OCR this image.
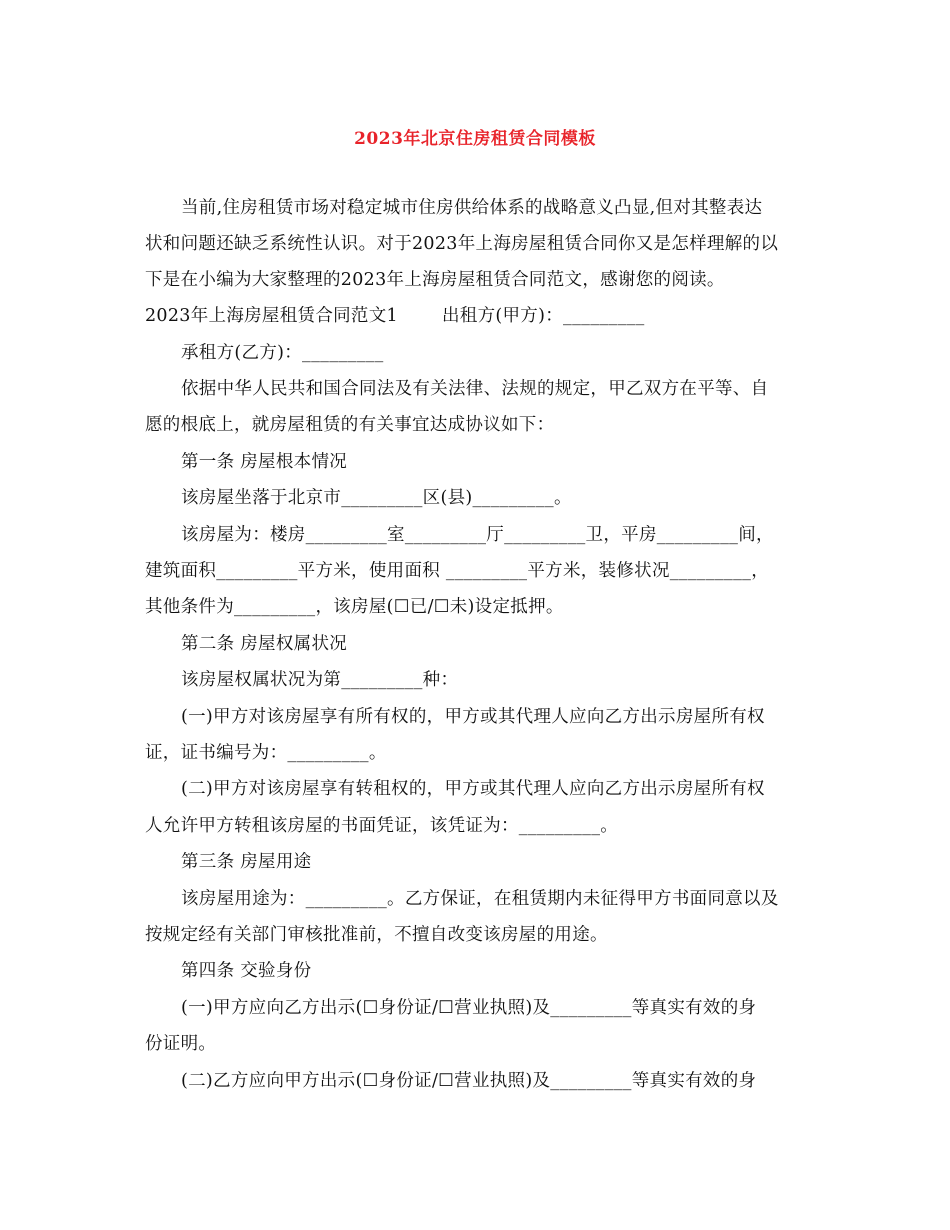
2023年北京住房租赁合同模板
当前,住房租赁市场对稳定城市住房供给体系的战略意义凸显,但对其整表达
状和问题还缺乏系统性认识。对于2023年上海房屋租赁合同你又是怎样理解的以
下是在小编为大家整理的2023年上海房屋租赁合同范文，感谢您的阅读。
2023年上海房屋租赁合同范文1	出租方(甲方)：_________
承租方(乙方)：_________
依据中华人民共和国合同法及有关法律、法规的规定，甲乙双方在平等、自
愿的根底上，就房屋租赁的有关事宜达成协议如下：
第一条 房屋根本情况
该房屋坐落于北京市_________区(县)_________。
该房屋为：楼房_________室_________厅_________卫，平房_________间，
建筑面积_________平方米，使用面积 _________平方米，装修状况_________，
其他条件为_________，该房屋(☐已/☐未)设定抵押。
第二条 房屋权属状况
该房屋权属状况为第_________种：
(一)甲方对该房屋享有所有权的，甲方或其代理人应向乙方出示房屋所有权
证，证书编号为：_________。
(二)甲方对该房屋享有转租权的，甲方或其代理人应向乙方出示房屋所有权
人允许甲方转租该房屋的书面凭证，该凭证为：_________。
第三条 房屋用途
该房屋用途为：_________。乙方保证，在租赁期内未征得甲方书面同意以及
按规定经有关部门审核批准前，不擅自改变该房屋的用途。
第四条 交验身份
(一)甲方应向乙方出示(☐身份证/☐营业执照)及_________等真实有效的身
份证明。
(二)乙方应向甲方出示(☐身份证/☐营业执照)及_________等真实有效的身
